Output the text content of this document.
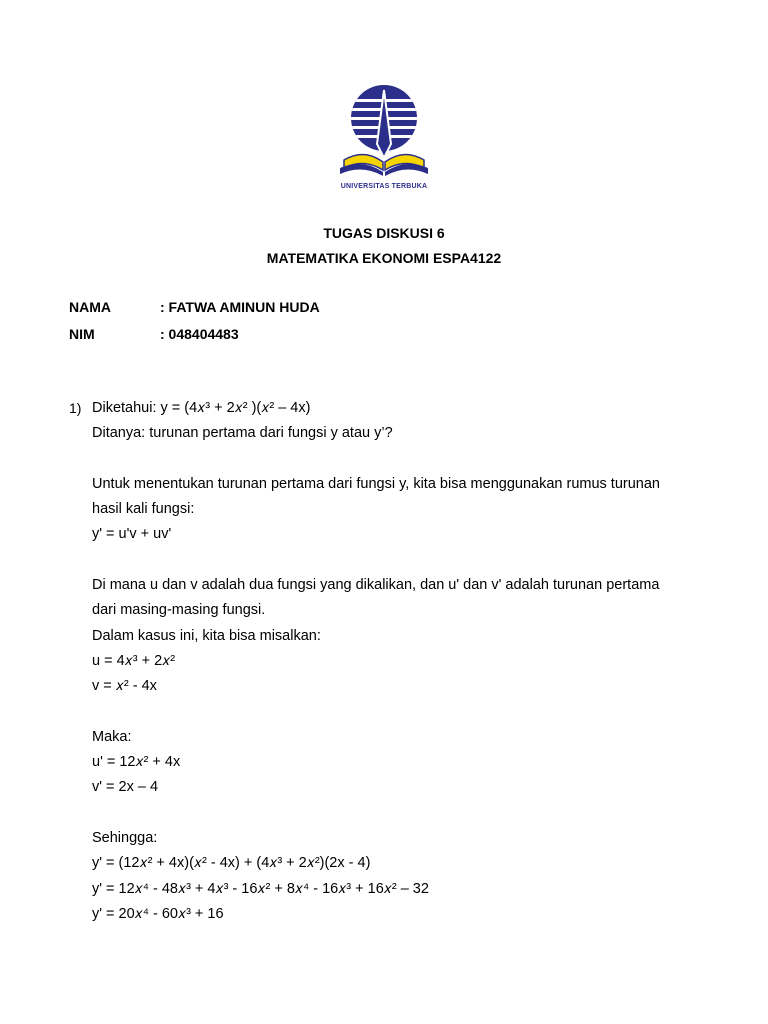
UNIVERSITAS TERBUKA
TUGAS DISKUSI 6
MATEMATIKA EKONOMI ESPA4122
NAMA	: FATWA AMINUN HUDA
NIM	: 048404483
1) Diketahui: y = (4𝑥³ + 2𝑥² )(𝑥² – 4x)
Ditanya: turunan pertama dari fungsi y atau y’?

Untuk menentukan turunan pertama dari fungsi y, kita bisa menggunakan rumus turunan
hasil kali fungsi:
y' = u'v + uv'

Di mana u dan v adalah dua fungsi yang dikalikan, dan u' dan v' adalah turunan pertama
dari masing-masing fungsi.
Dalam kasus ini, kita bisa misalkan:
u = 4𝑥³ + 2𝑥²
v = 𝑥² - 4x

Maka:
u' = 12𝑥² + 4x
v' = 2x – 4

Sehingga:
y' = (12𝑥² + 4x)(𝑥² - 4x) + (4𝑥³ + 2𝑥²)(2x - 4)
y' = 12𝑥⁴ - 48𝑥³ + 4𝑥³ - 16𝑥² + 8𝑥⁴ - 16𝑥³ + 16𝑥² – 32
y' = 20𝑥⁴ - 60𝑥³ + 16
